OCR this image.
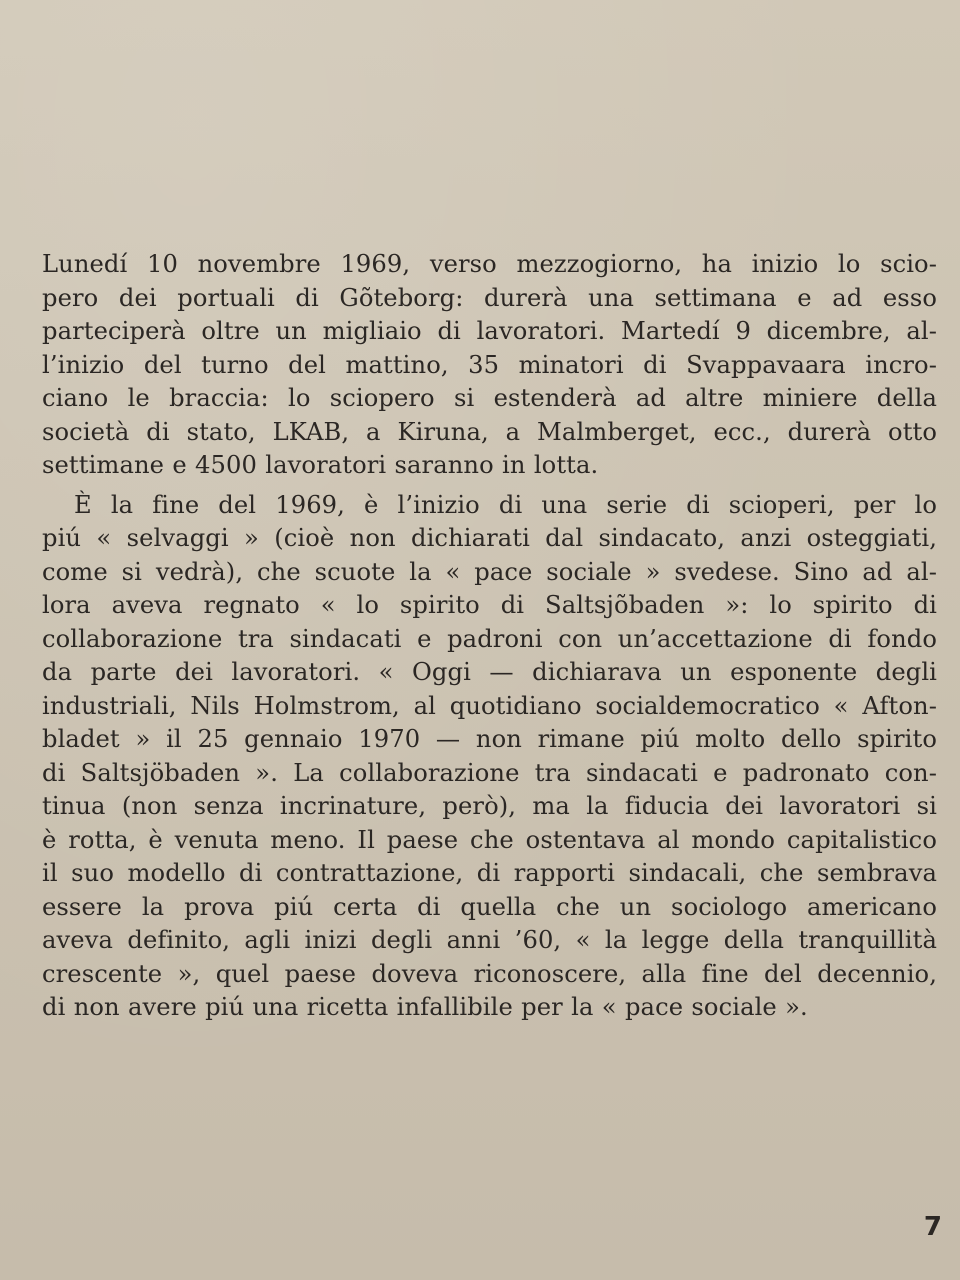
Lunedí 10 novembre 1969, verso mezzogiorno, ha inizio lo scio-
pero dei portuali di Gõteborg: durerà una settimana e ad esso
parteciperà oltre un migliaio di lavoratori. Martedí 9 dicembre, al-
l’inizio del turno del mattino, 35 minatori di Svappavaara incro-
ciano le braccia: lo sciopero si estenderà ad altre miniere della
società di stato, LKAB, a Kiruna, a Malmberget, ecc., durerà otto
settimane e 4500 lavoratori saranno in lotta.

È la fine del 1969, è l’inizio di una serie di scioperi, per lo
piú « selvaggi » (cioè non dichiarati dal sindacato, anzi osteggiati,
come si vedrà), che scuote la « pace sociale » svedese. Sino ad al-
lora aveva regnato « lo spirito di Saltsjõbaden »: lo spirito di
collaborazione tra sindacati e padroni con un’accettazione di fondo
da parte dei lavoratori. « Oggi — dichiarava un esponente degli
industriali, Nils Holmstrom, al quotidiano socialdemocratico « Afton-
bladet » il 25 gennaio 1970 — non rimane piú molto dello spirito
di Saltsjöbaden ». La collaborazione tra sindacati e padronato con-
tinua (non senza incrinature, però), ma la fiducia dei lavoratori si
è rotta, è venuta meno. Il paese che ostentava al mondo capitalistico
il suo modello di contrattazione, di rapporti sindacali, che sembrava
essere la prova piú certa di quella che un sociologo americano
aveva definito, agli inizi degli anni ’60, « la legge della tranquillità
crescente », quel paese doveva riconoscere, alla fine del decennio,
di non avere piú una ricetta infallibile per la « pace sociale ».

7
